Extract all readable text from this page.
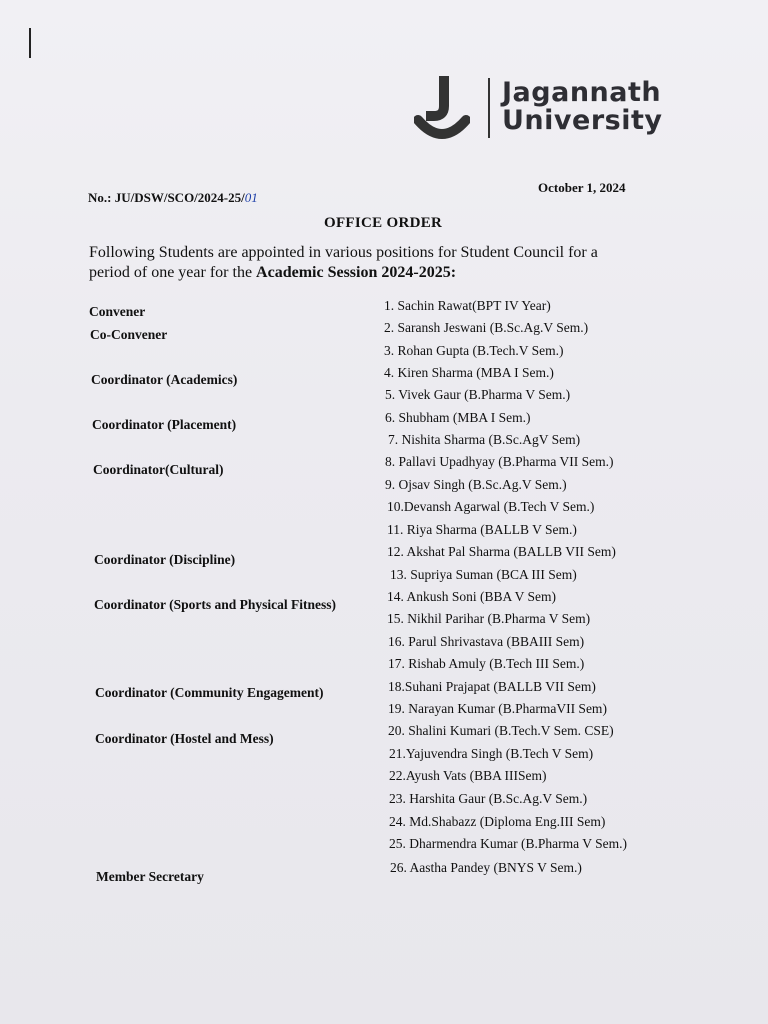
Jagannath
University
No.: JU/DSW/SCO/2024-25/01
October 1, 2024
OFFICE ORDER
Following Students are appointed in various positions for Student Council for a
period of one year for the Academic Session 2024-2025:
Convener
Co-Convener
Coordinator (Academics)
Coordinator (Placement)
Coordinator(Cultural)
Coordinator (Discipline)
Coordinator (Sports and Physical Fitness)
Coordinator (Community Engagement)
Coordinator (Hostel and Mess)
Member Secretary
1. Sachin Rawat(BPT IV Year)
2. Saransh Jeswani (B.Sc.Ag.V Sem.)
3. Rohan Gupta (B.Tech.V Sem.)
4. Kiren Sharma (MBA I Sem.)
5. Vivek Gaur (B.Pharma V Sem.)
6. Shubham (MBA I Sem.)
7. Nishita Sharma (B.Sc.AgV Sem)
8. Pallavi Upadhyay (B.Pharma VII Sem.)
9. Ojsav Singh (B.Sc.Ag.V Sem.)
10.Devansh Agarwal (B.Tech V Sem.)
11. Riya Sharma (BALLB V Sem.)
12. Akshat Pal Sharma (BALLB VII Sem)
13. Supriya Suman (BCA III Sem)
14. Ankush Soni (BBA V Sem)
15. Nikhil Parihar (B.Pharma V Sem)
16. Parul Shrivastava (BBAIII Sem)
17. Rishab Amuly (B.Tech III Sem.)
18.Suhani Prajapat (BALLB VII Sem)
19. Narayan Kumar (B.PharmaVII Sem)
20. Shalini Kumari (B.Tech.V Sem. CSE)
21.Yajuvendra Singh (B.Tech V Sem)
22.Ayush Vats (BBA IIISem)
23. Harshita Gaur (B.Sc.Ag.V Sem.)
24. Md.Shabazz (Diploma Eng.III Sem)
25. Dharmendra Kumar (B.Pharma V Sem.)
26. Aastha Pandey (BNYS V Sem.)
